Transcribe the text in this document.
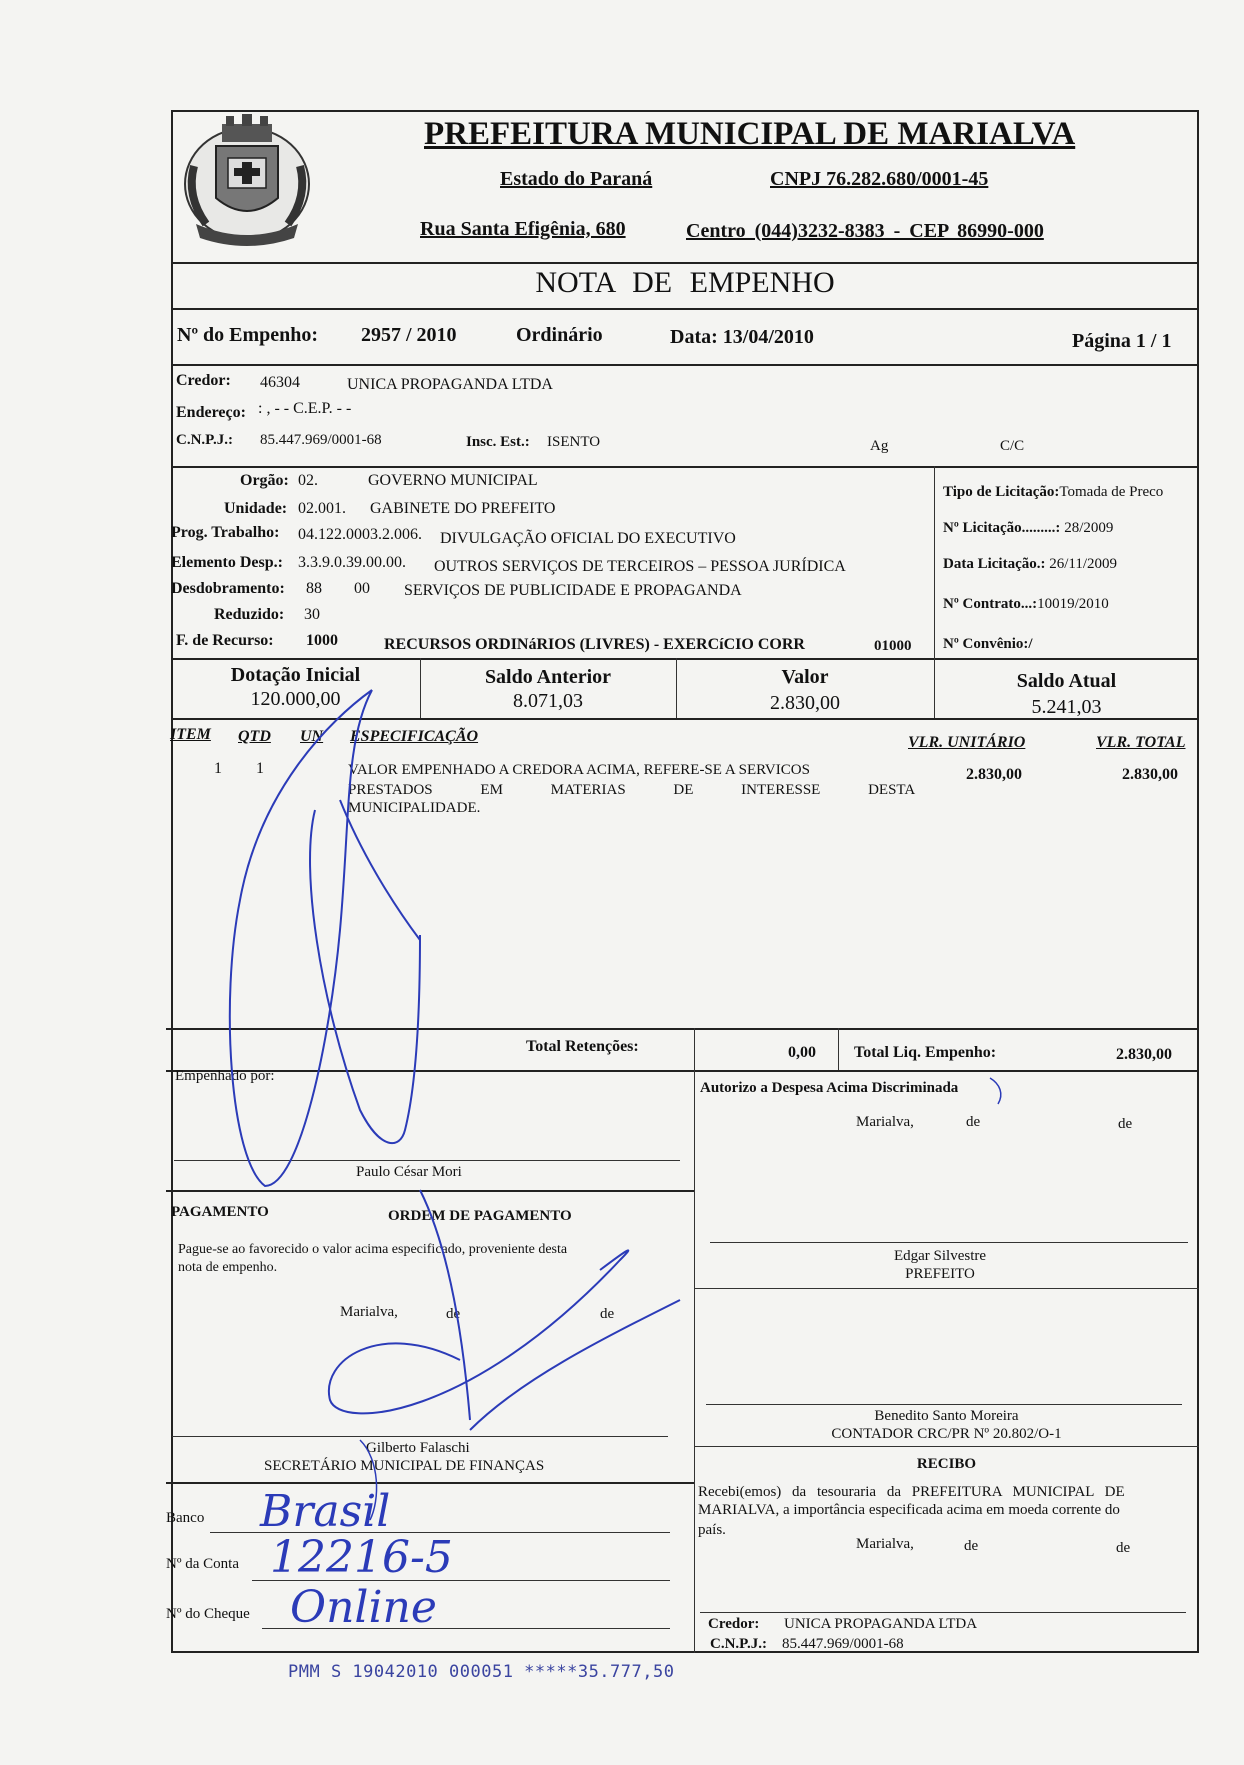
PREFEITURA MUNICIPAL DE MARIALVA
Estado do Paraná	CNPJ 76.282.680/0001-45
Rua Santa Efigênia, 680	Centro (044)3232-8383 - CEP 86990-000
NOTA DE EMPENHO
Nº do Empenho: 2957 / 2010	Ordinário	Data: 13/04/2010	Página 1 / 1
Credor: 46304	UNICA PROPAGANDA LTDA
Endereço: : , - - C.E.P. - -
C.N.P.J.: 85.447.969/0001-68	Insc. Est.: ISENTO	Ag	C/C
Orgão: 02.	GOVERNO MUNICIPAL
Unidade: 02.001. GABINETE DO PREFEITO
Prog. Trabalho: 04.122.0003.2.006. DIVULGAÇÃO OFICIAL DO EXECUTIVO
Elemento Desp.: 3.3.9.0.39.00.00. OUTROS SERVIÇOS DE TERCEIROS – PESSOA JURÍDICA
Desdobramento: 88 00 SERVIÇOS DE PUBLICIDADE E PROPAGANDA
Reduzido: 30
F. de Recurso: 1000	RECURSOS ORDINáRIOS (LIVRES) - EXERCíCIO CORR	01000
Tipo de Licitação:Tomada de Preco
Nº Licitação.........: 28/2009
Data Licitação.: 26/11/2009
Nº Contrato...:10019/2010
Nº Convênio:/
Dotação Inicial
120.000,00
Saldo Anterior
8.071,03
Valor
2.830,00
Saldo Atual
5.241,03
ITEM QTD UN ESPECIFICAÇÃO	VLR. UNITÁRIO	VLR. TOTAL
1 1	VALOR EMPENHADO A CREDORA ACIMA, REFERE-SE A SERVICOS
PRESTADOS EM MATERIAS DE INTERESSE DESTA
MUNICIPALIDADE.
2.830,00	2.830,00
Total Retenções:	0,00 Total Liq. Empenho:	2.830,00
Empenhado por:
Paulo César Mori
Autorizo a Despesa Acima Discriminada
Marialva,	de	de
Edgar Silvestre
PREFEITO
PAGAMENTO	ORDEM DE PAGAMENTO
Pague-se ao favorecido o valor acima especificado, proveniente desta
nota de empenho.
Marialva,	de	de
Gilberto Falaschi
SECRETÁRIO MUNICIPAL DE FINANÇAS
Benedito Santo Moreira
CONTADOR CRC/PR Nº 20.802/O-1
RECIBO
Recebi(emos) da tesouraria da PREFEITURA MUNICIPAL DE
MARIALVA, a importância especificada acima em moeda corrente do
país.
Marialva,	de	de
Credor: UNICA PROPAGANDA LTDA
C.N.P.J.: 85.447.969/0001-68
Banco Brasil
Nº da Conta 12216-5
Nº do Cheque Online
PMM S 19042010 000051 *****35.777,50
